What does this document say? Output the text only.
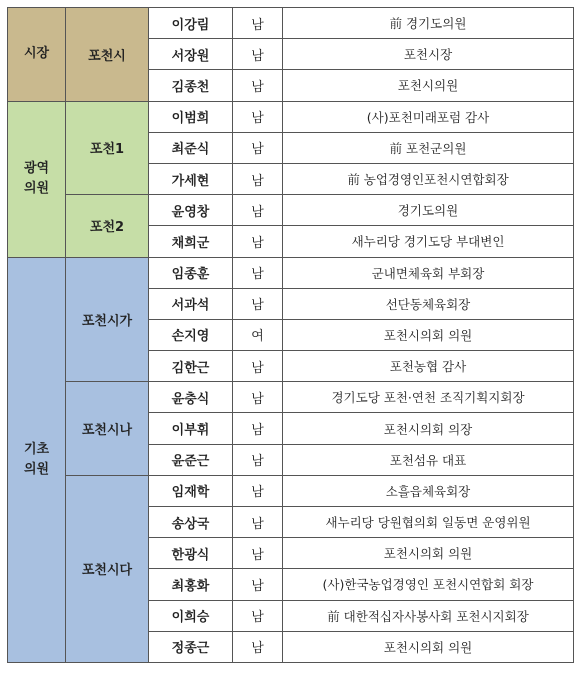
시장	포천시	이강림	남	前 경기도의원
		서장원	남	포천시장
		김종천	남	포천시의원
광역
의원	포천1	이범희	남	(사)포천미래포럼 감사
		최준식	남	前 포천군의원
		가세현	남	前 농업경영인포천시연합회장
	포천2	윤영창	남	경기도의원
		채희군	남	새누리당 경기도당 부대변인
기초
의원	포천시가	임종훈	남	군내면체육회 부회장
		서과석	남	선단동체육회장
		손지영	여	포천시의회 의원
		김한근	남	포천농협 감사
	포천시나	윤충식	남	경기도당 포천·연천 조직기획지회장
		이부휘	남	포천시의회 의장
		윤준근	남	포천섬유 대표
	포천시다	임재학	남	소흘읍체육회장
		송상국	남	새누리당 당원협의회 일동면 운영위원
		한광식	남	포천시의회 의원
		최홍화	남	(사)한국농업경영인 포천시연합회 회장
		이희승	남	前 대한적십자사봉사회 포천시지회장
		정종근	남	포천시의회 의원
